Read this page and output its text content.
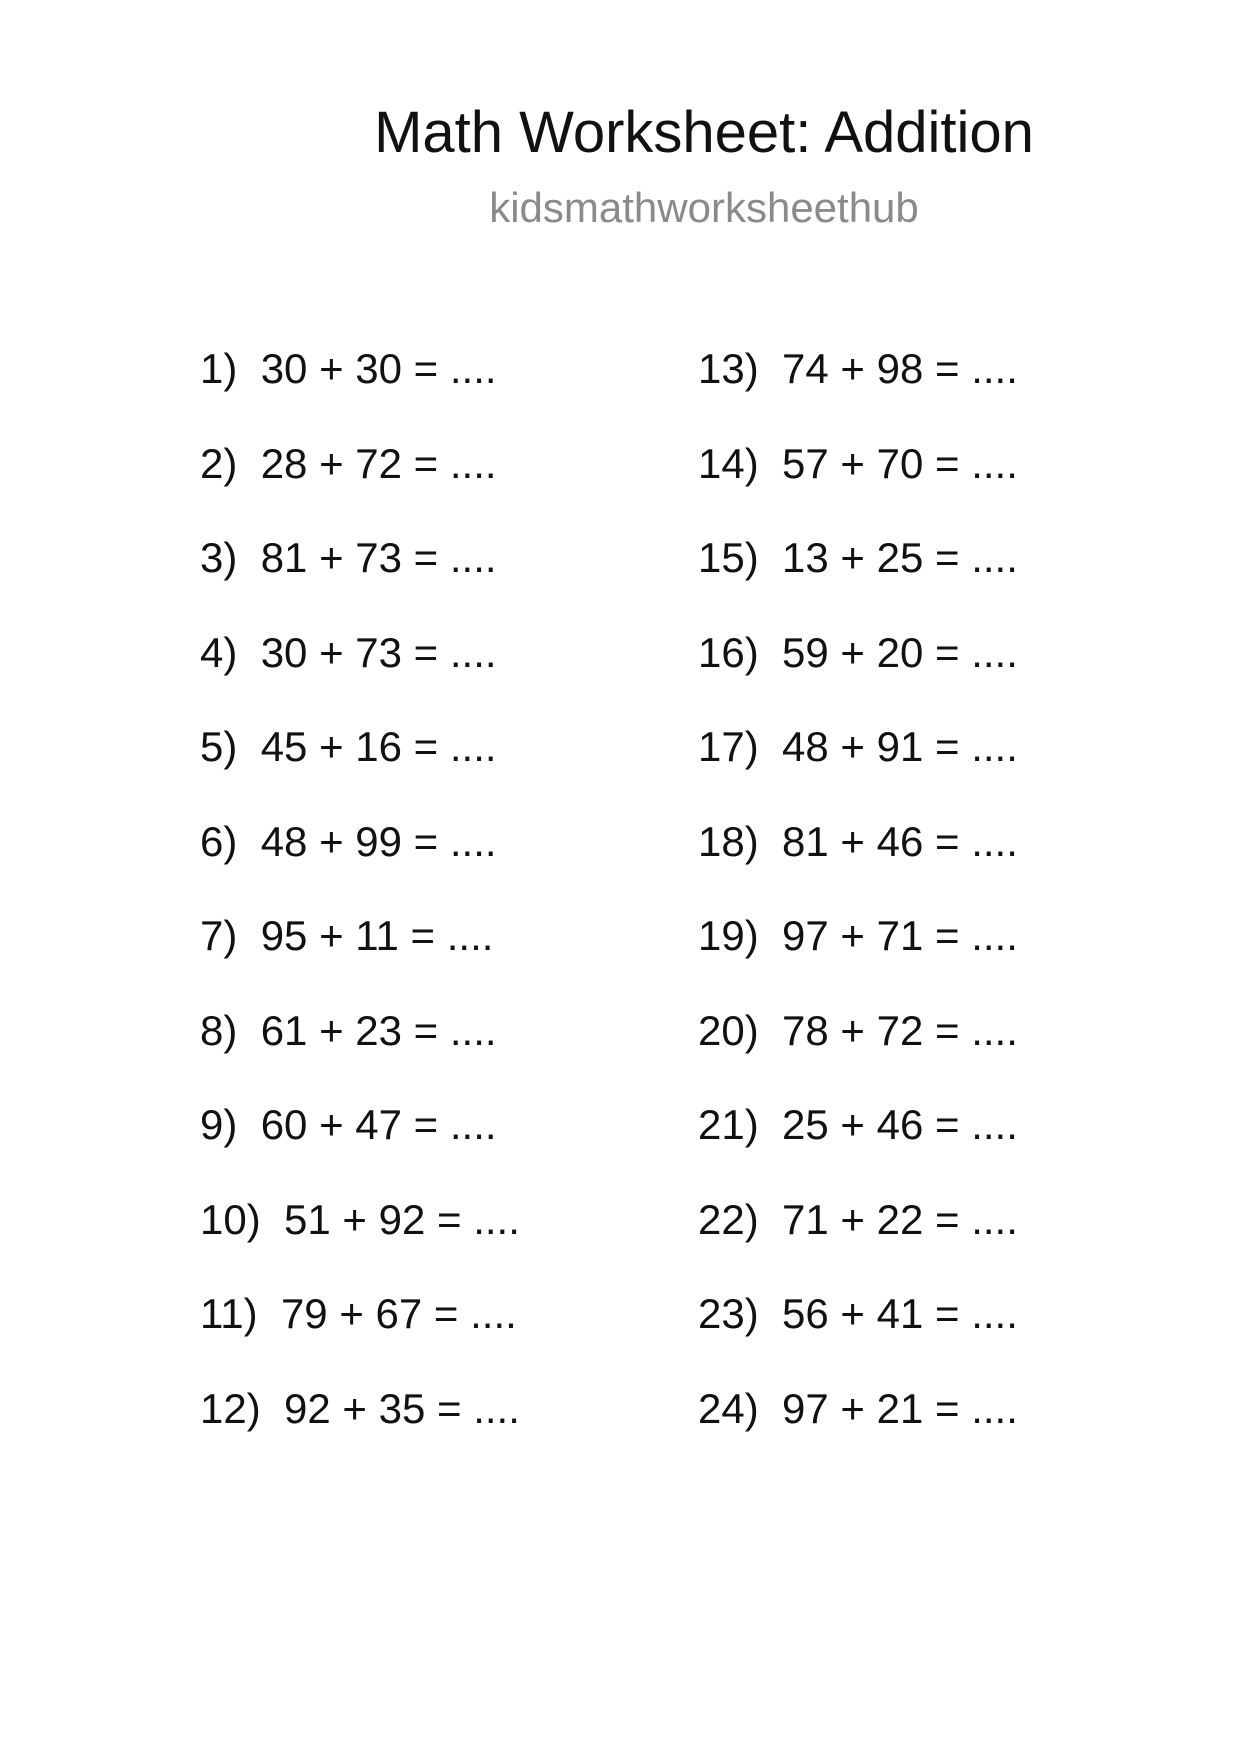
Math Worksheet: Addition
kidsmathworksheethub
1) 30 + 30 = ....
2) 28 + 72 = ....
3) 81 + 73 = ....
4) 30 + 73 = ....
5) 45 + 16 = ....
6) 48 + 99 = ....
7) 95 + 11 = ....
8) 61 + 23 = ....
9) 60 + 47 = ....
10) 51 + 92 = ....
11) 79 + 67 = ....
12) 92 + 35 = ....
13) 74 + 98 = ....
14) 57 + 70 = ....
15) 13 + 25 = ....
16) 59 + 20 = ....
17) 48 + 91 = ....
18) 81 + 46 = ....
19) 97 + 71 = ....
20) 78 + 72 = ....
21) 25 + 46 = ....
22) 71 + 22 = ....
23) 56 + 41 = ....
24) 97 + 21 = ....
